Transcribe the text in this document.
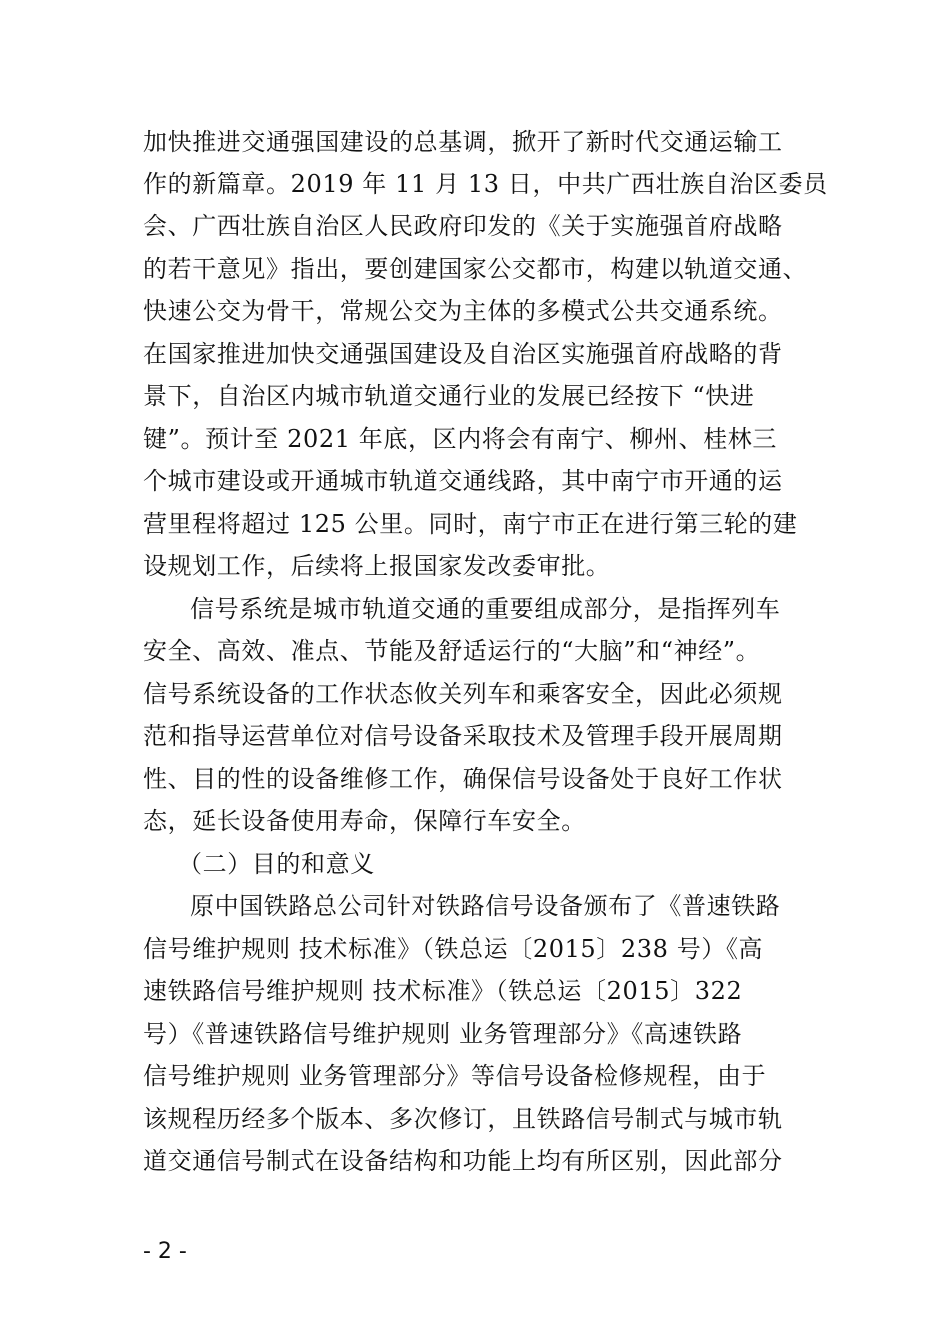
加快推进交通强国建设的总基调，掀开了新时代交通运输工
作的新篇章。2019 年 11 月 13 日，中共广西壮族自治区委员
会、广西壮族自治区人民政府印发的《关于实施强首府战略
的若干意见》指出，要创建国家公交都市，构建以轨道交通、
快速公交为骨干，常规公交为主体的多模式公共交通系统。
在国家推进加快交通强国建设及自治区实施强首府战略的背
景下，自治区内城市轨道交通行业的发展已经按下 “快进
键”。预计至 2021 年底，区内将会有南宁、柳州、桂林三
个城市建设或开通城市轨道交通线路，其中南宁市开通的运
营里程将超过 125 公里。同时，南宁市正在进行第三轮的建
设规划工作，后续将上报国家发改委审批。
信号系统是城市轨道交通的重要组成部分，是指挥列车
安全、高效、准点、节能及舒适运行的“大脑”和“神经”。
信号系统设备的工作状态攸关列车和乘客安全，因此必须规
范和指导运营单位对信号设备采取技术及管理手段开展周期
性、目的性的设备维修工作，确保信号设备处于良好工作状
态，延长设备使用寿命，保障行车安全。
（二）目的和意义
原中国铁路总公司针对铁路信号设备颁布了《普速铁路
信号维护规则 技术标准》（铁总运〔2015〕238 号）《高
速铁路信号维护规则 技术标准》（铁总运〔2015〕322
号）《普速铁路信号维护规则 业务管理部分》《高速铁路
信号维护规则 业务管理部分》等信号设备检修规程，由于
该规程历经多个版本、多次修订，且铁路信号制式与城市轨
道交通信号制式在设备结构和功能上均有所区别，因此部分
- 2 -
